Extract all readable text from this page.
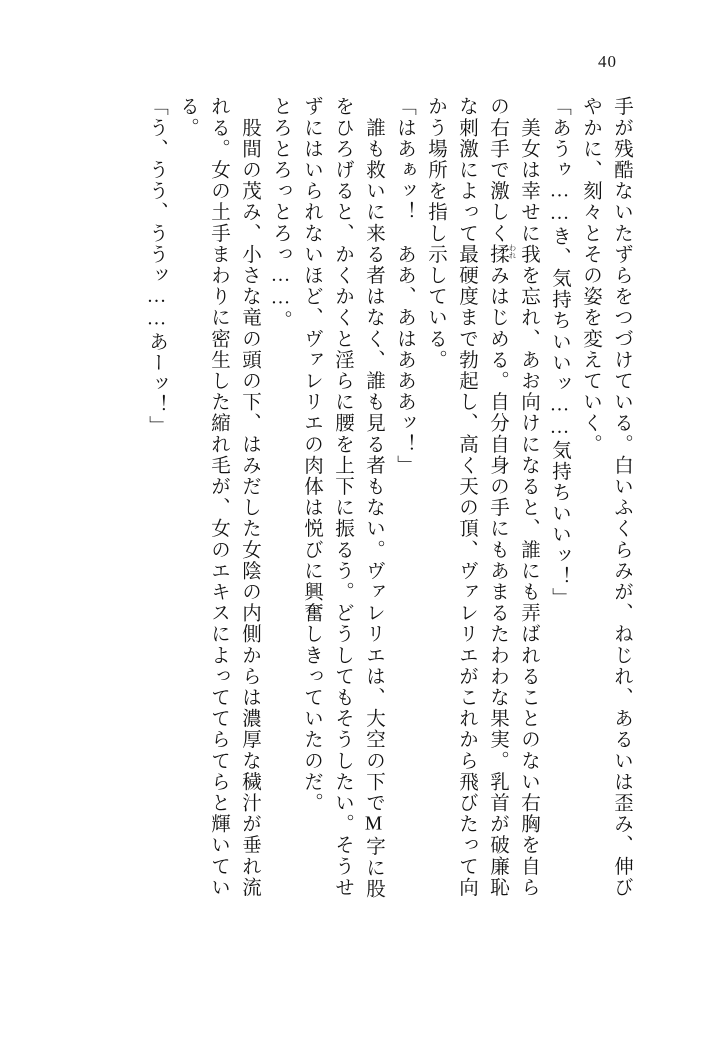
40
手が残酷ないたずらをつづけている。白いふくらみが、ねじれ、あるいは歪み、伸び
やかに、刻々とその姿を変えていく。
「あうゥ……き、気持ちいいッ……気持ちいいッ！」
　美女は幸せに我
われ
を忘れ、あお向けになると、誰にも弄ばれることのない右胸を自ら
の右手で激しく揉みはじめる。自分自身の手にもあまるたわわな果実。乳首が破廉恥
な刺激によって最硬度まで勃起し、高く天の頂、ヴァレリエがこれから飛びたって向
かう場所を指し示している。
「はあぁッ！　ああ、あはあああッ！」
　誰も救いに来る者はなく、誰も見る者もない。ヴァレリエは、大空の下でM字に股
をひろげると、かくかくと淫らに腰を上下に振るう。どうしてもそうしたい。そうせ
ずにはいられないほど、ヴァレリエの肉体は悦びに興奮しきっていたのだ。
とろとろっとろっ……。
　股間の茂み、小さな竜の頭の下、はみだした女陰の内側からは濃厚な穢汁が垂れ流
れる。女の土手まわりに密生した縮れ毛が、女のエキスによっててらてらと輝いてい
る。
「う、うう、ううッ……あーッ！」
